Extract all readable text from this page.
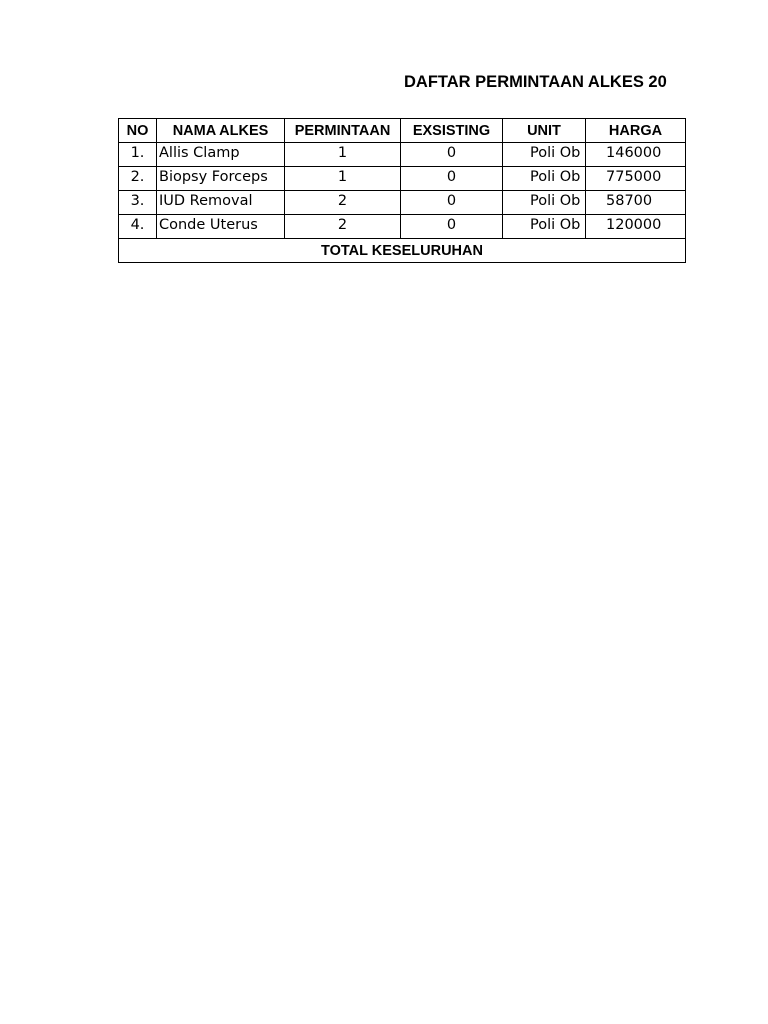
DAFTAR PERMINTAAN ALKES 20
NO	NAMA ALKES	PERMINTAAN	EXSISTING	UNIT	HARGA

1.	Allis Clamp	1	0	Poli Ob	146000

2.	Biopsy Forceps	1	0	Poli Ob	775000

3.	IUD Removal	2	0	Poli Ob	58700

4.	Conde Uterus	2	0	Poli Ob	120000

TOTAL KESELURUHAN					
